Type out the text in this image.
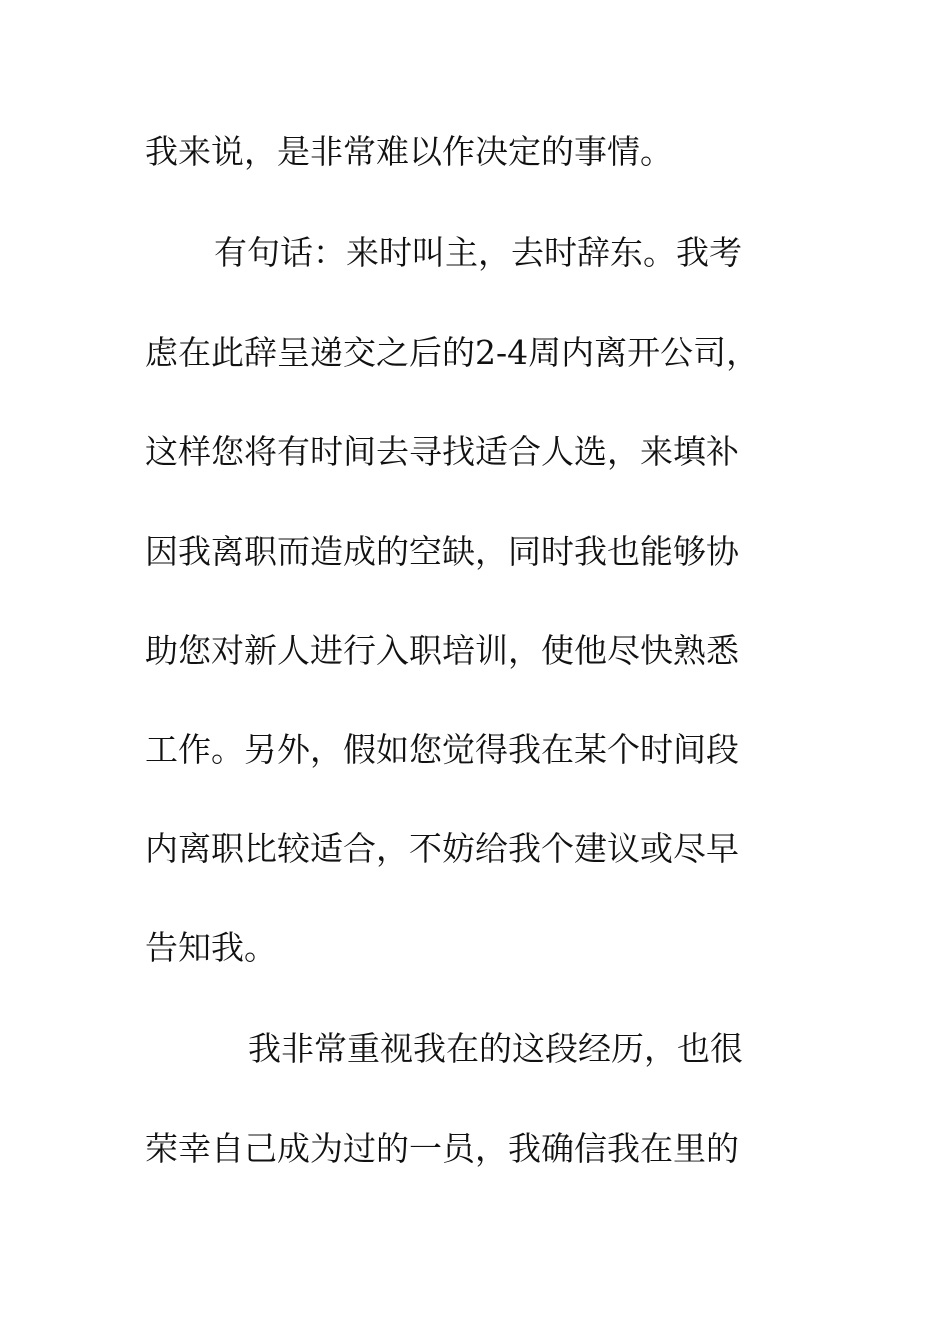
我来说，是非常难以作决定的事情。
有句话：来时叫主，去时辞东。我考
虑在此辞呈递交之后的2-4周内离开公司，
这样您将有时间去寻找适合人选，来填补
因我离职而造成的空缺，同时我也能够协
助您对新人进行入职培训，使他尽快熟悉
工作。另外，假如您觉得我在某个时间段
内离职比较适合，不妨给我个建议或尽早
告知我。
我非常重视我在的这段经历，也很
荣幸自己成为过的一员，我确信我在里的
